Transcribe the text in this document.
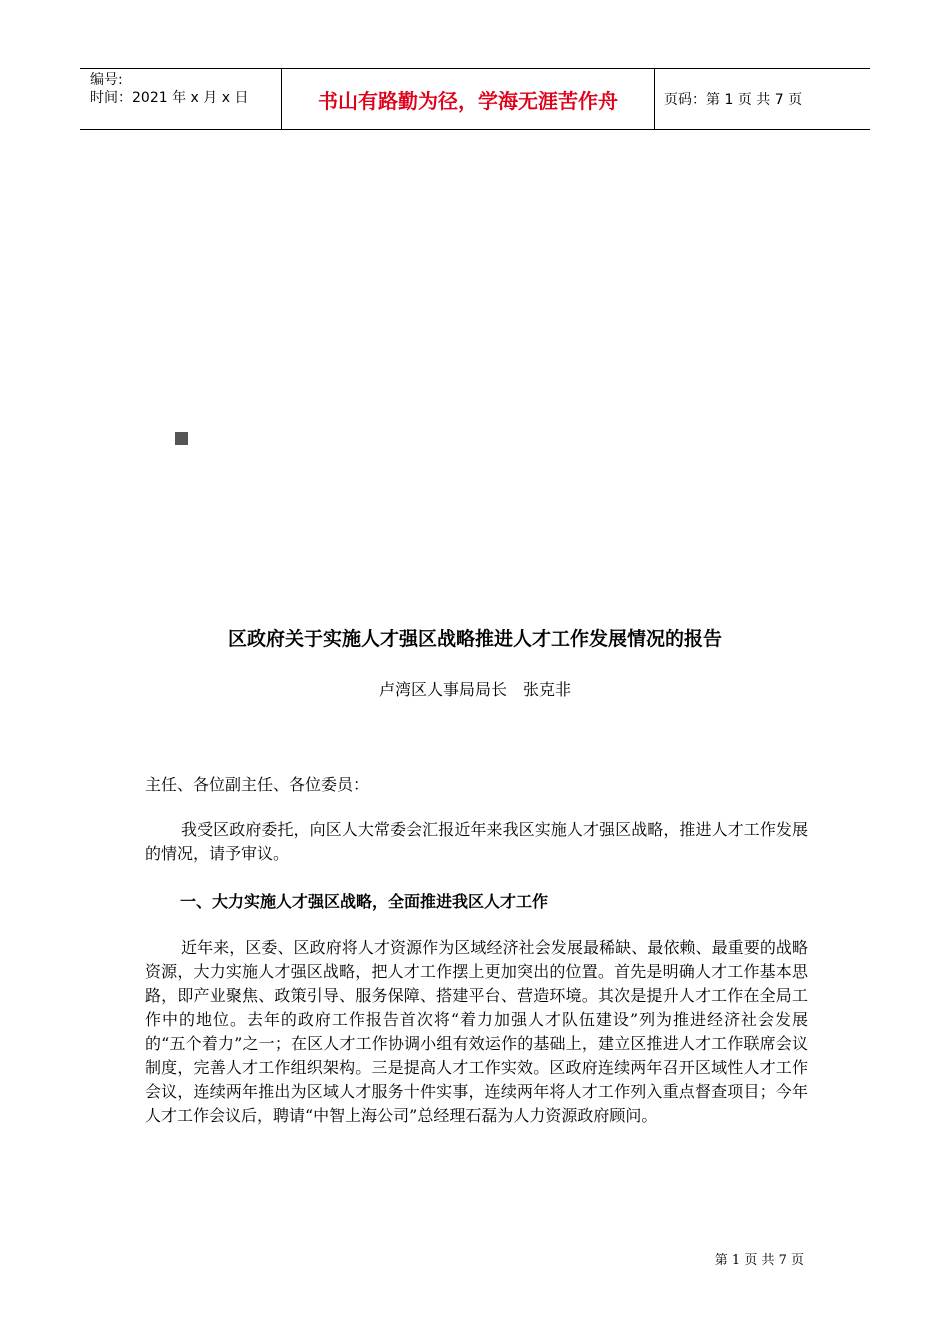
编号:
时间：2021 年 x 月 x 日	书山有路勤为径，学海无涯苦作舟	页码：第 1 页 共 7 页
区政府关于实施人才强区战略推进人才工作发展情况的报告
卢湾区人事局局长　张克非
主任、各位副主任、各位委员：
我受区政府委托，向区人大常委会汇报近年来我区实施人才强区战略，推进人才工作发展的情况，请予审议。
一、大力实施人才强区战略，全面推进我区人才工作
近年来，区委、区政府将人才资源作为区域经济社会发展最稀缺、最依赖、最重要的战略资源，大力实施人才强区战略，把人才工作摆上更加突出的位置。首先是明确人才工作基本思路，即产业聚焦、政策引导、服务保障、搭建平台、营造环境。其次是提升人才工作在全局工作中的地位。去年的政府工作报告首次将“着力加强人才队伍建设”列为推进经济社会发展的“五个着力”之一；在区人才工作协调小组有效运作的基础上，建立区推进人才工作联席会议制度，完善人才工作组织架构。三是提高人才工作实效。区政府连续两年召开区域性人才工作会议，连续两年推出为区域人才服务十件实事，连续两年将人才工作列入重点督查项目；今年人才工作会议后，聘请“中智上海公司”总经理石磊为人力资源政府顾问。
第 1 页 共 7 页
